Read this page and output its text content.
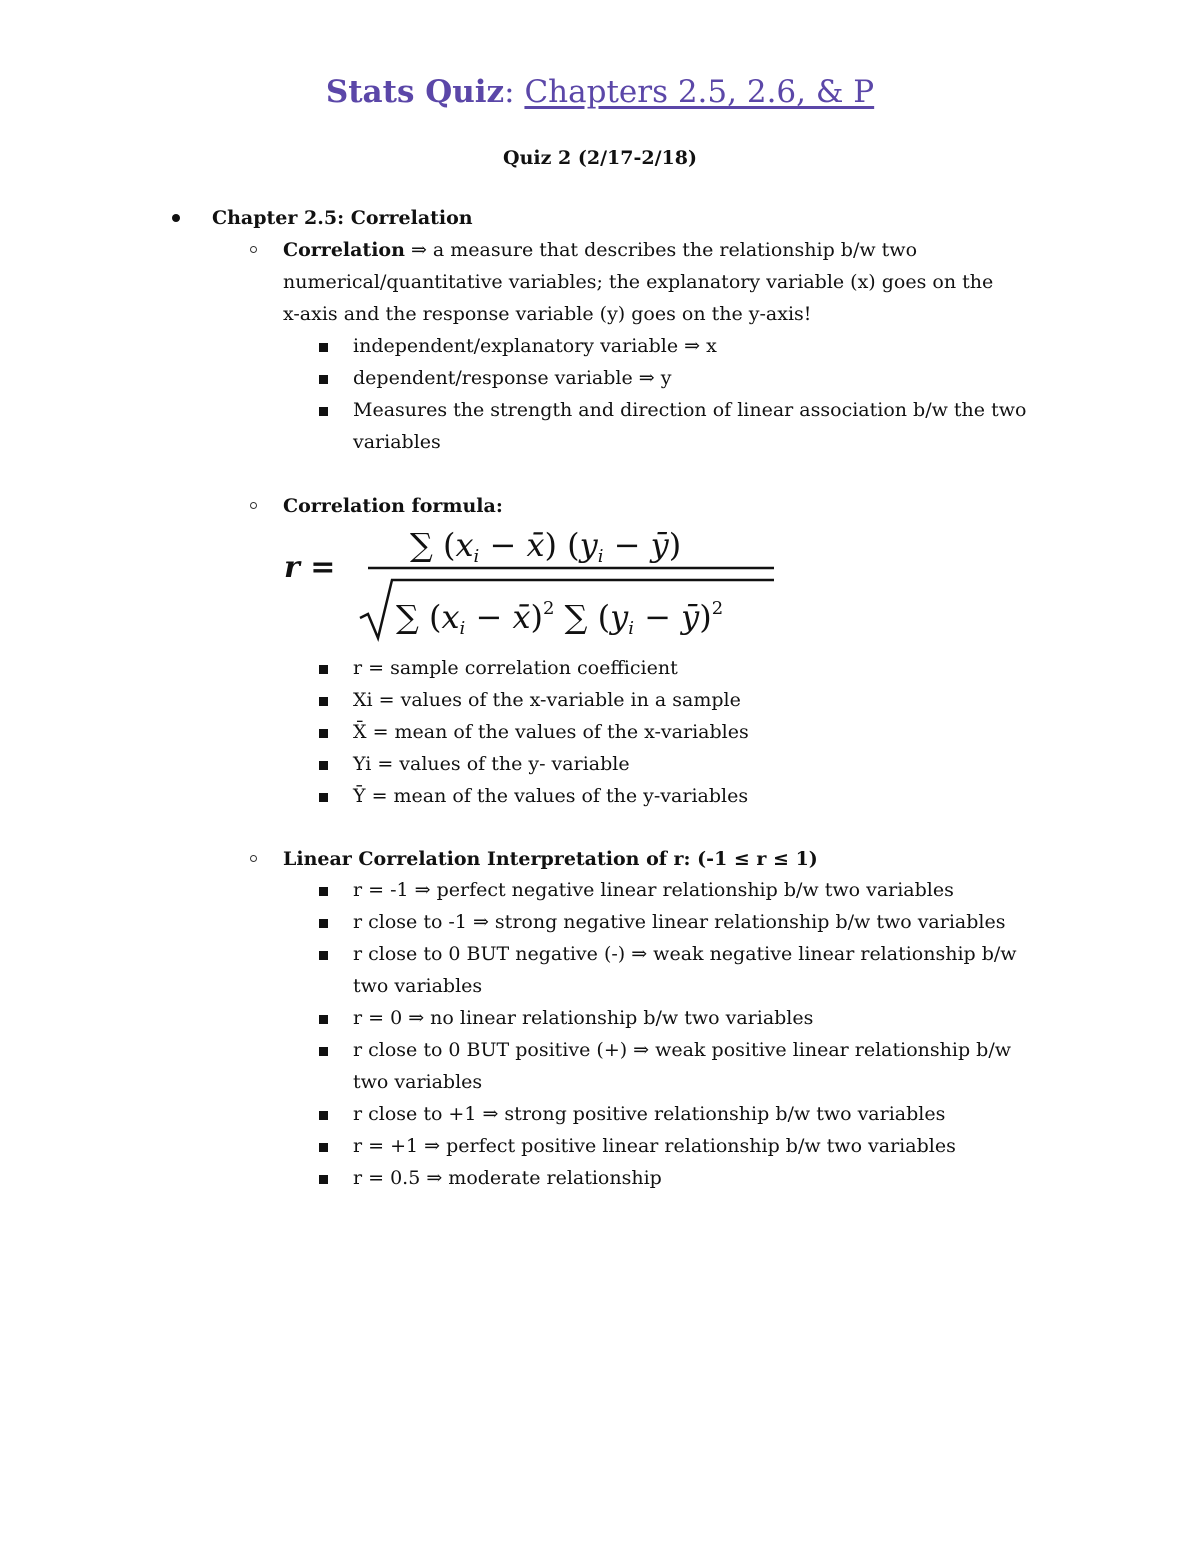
Stats Quiz: Chapters 2.5, 2.6, & P
Quiz 2 (2/17-2/18)
Chapter 2.5: Correlation
Correlation ⇒ a measure that describes the relationship b/w two
numerical/quantitative variables; the explanatory variable (x) goes on the
x-axis and the response variable (y) goes on the y-axis!
independent/explanatory variable ⇒ x
dependent/response variable ⇒ y
Measures the strength and direction of linear association b/w the two
variables
Correlation formula:
r =
∑ (xi − x̄) (yi − ȳ)
∑ (xi − x̄)$^2$ ∑ (yi − ȳ)$^2$
r = sample correlation coefficient
Xi = values of the x-variable in a sample
X̄ = mean of the values of the x-variables
Yi = values of the y- variable
Ȳ = mean of the values of the y-variables
Linear Correlation Interpretation of r: (-1 ≤ r ≤ 1)
r = -1 ⇒ perfect negative linear relationship b/w two variables
r close to -1 ⇒ strong negative linear relationship b/w two variables
r close to 0 BUT negative (-) ⇒ weak negative linear relationship b/w
two variables
r = 0 ⇒ no linear relationship b/w two variables
r close to 0 BUT positive (+) ⇒ weak positive linear relationship b/w
two variables
r close to +1 ⇒ strong positive relationship b/w two variables
r = +1 ⇒ perfect positive linear relationship b/w two variables
r = 0.5 ⇒ moderate relationship
